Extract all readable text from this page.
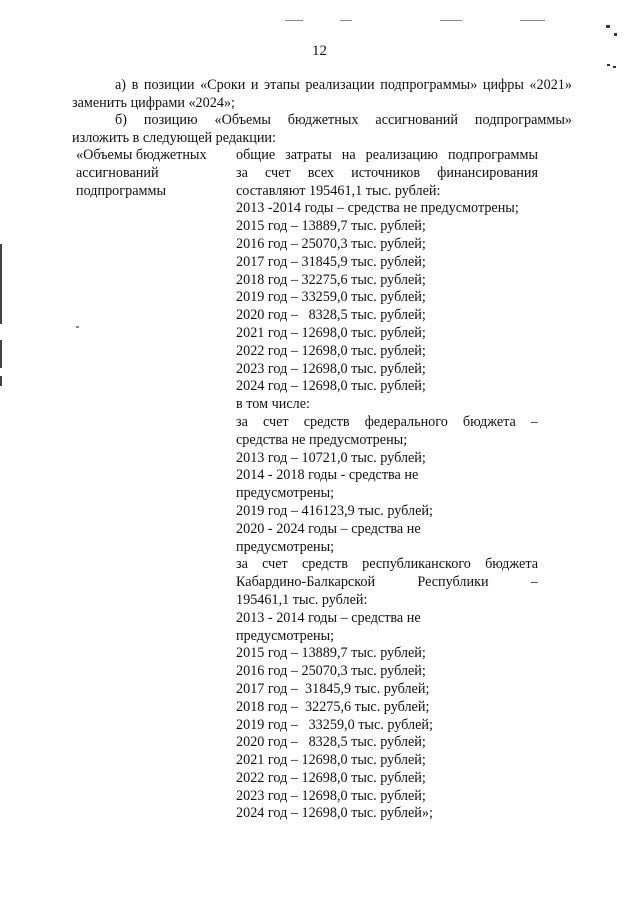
12
а) в позиции «Сроки и этапы реализации подпрограммы» цифры «2021»
заменить цифрами «2024»;
б) позицию «Объемы бюджетных ассигнований подпрограммы»
изложить в следующей редакции:
«Объемы бюджетных
ассигнований
подпрограммы
общие затраты на реализацию подпрограммы
за счет всех источников финансирования
составляют 195461,1 тыс. рублей:
2013 -2014 годы – средства не предусмотрены;
2015 год – 13889,7 тыс. рублей;
2016 год – 25070,3 тыс. рублей;
2017 год – 31845,9 тыс. рублей;
2018 год – 32275,6 тыс. рублей;
2019 год – 33259,0 тыс. рублей;
2020 год –   8328,5 тыс. рублей;
2021 год – 12698,0 тыс. рублей;
2022 год – 12698,0 тыс. рублей;
2023 год – 12698,0 тыс. рублей;
2024 год – 12698,0 тыс. рублей;
в том числе:
за счет средств федерального бюджета –
средства не предусмотрены;
2013 год – 10721,0 тыс. рублей;
2014 - 2018 годы - средства не
предусмотрены;
2019 год – 416123,9 тыс. рублей;
2020 - 2024 годы – средства не
предусмотрены;
за счет средств республиканского бюджета
Кабардино-Балкарской Республики –
195461,1 тыс. рублей:
2013 - 2014 годы – средства не
предусмотрены;
2015 год – 13889,7 тыс. рублей;
2016 год – 25070,3 тыс. рублей;
2017 год –  31845,9 тыс. рублей;
2018 год –  32275,6 тыс. рублей;
2019 год –   33259,0 тыс. рублей;
2020 год –   8328,5 тыс. рублей;
2021 год – 12698,0 тыс. рублей;
2022 год – 12698,0 тыс. рублей;
2023 год – 12698,0 тыс. рублей;
2024 год – 12698,0 тыс. рублей»;
